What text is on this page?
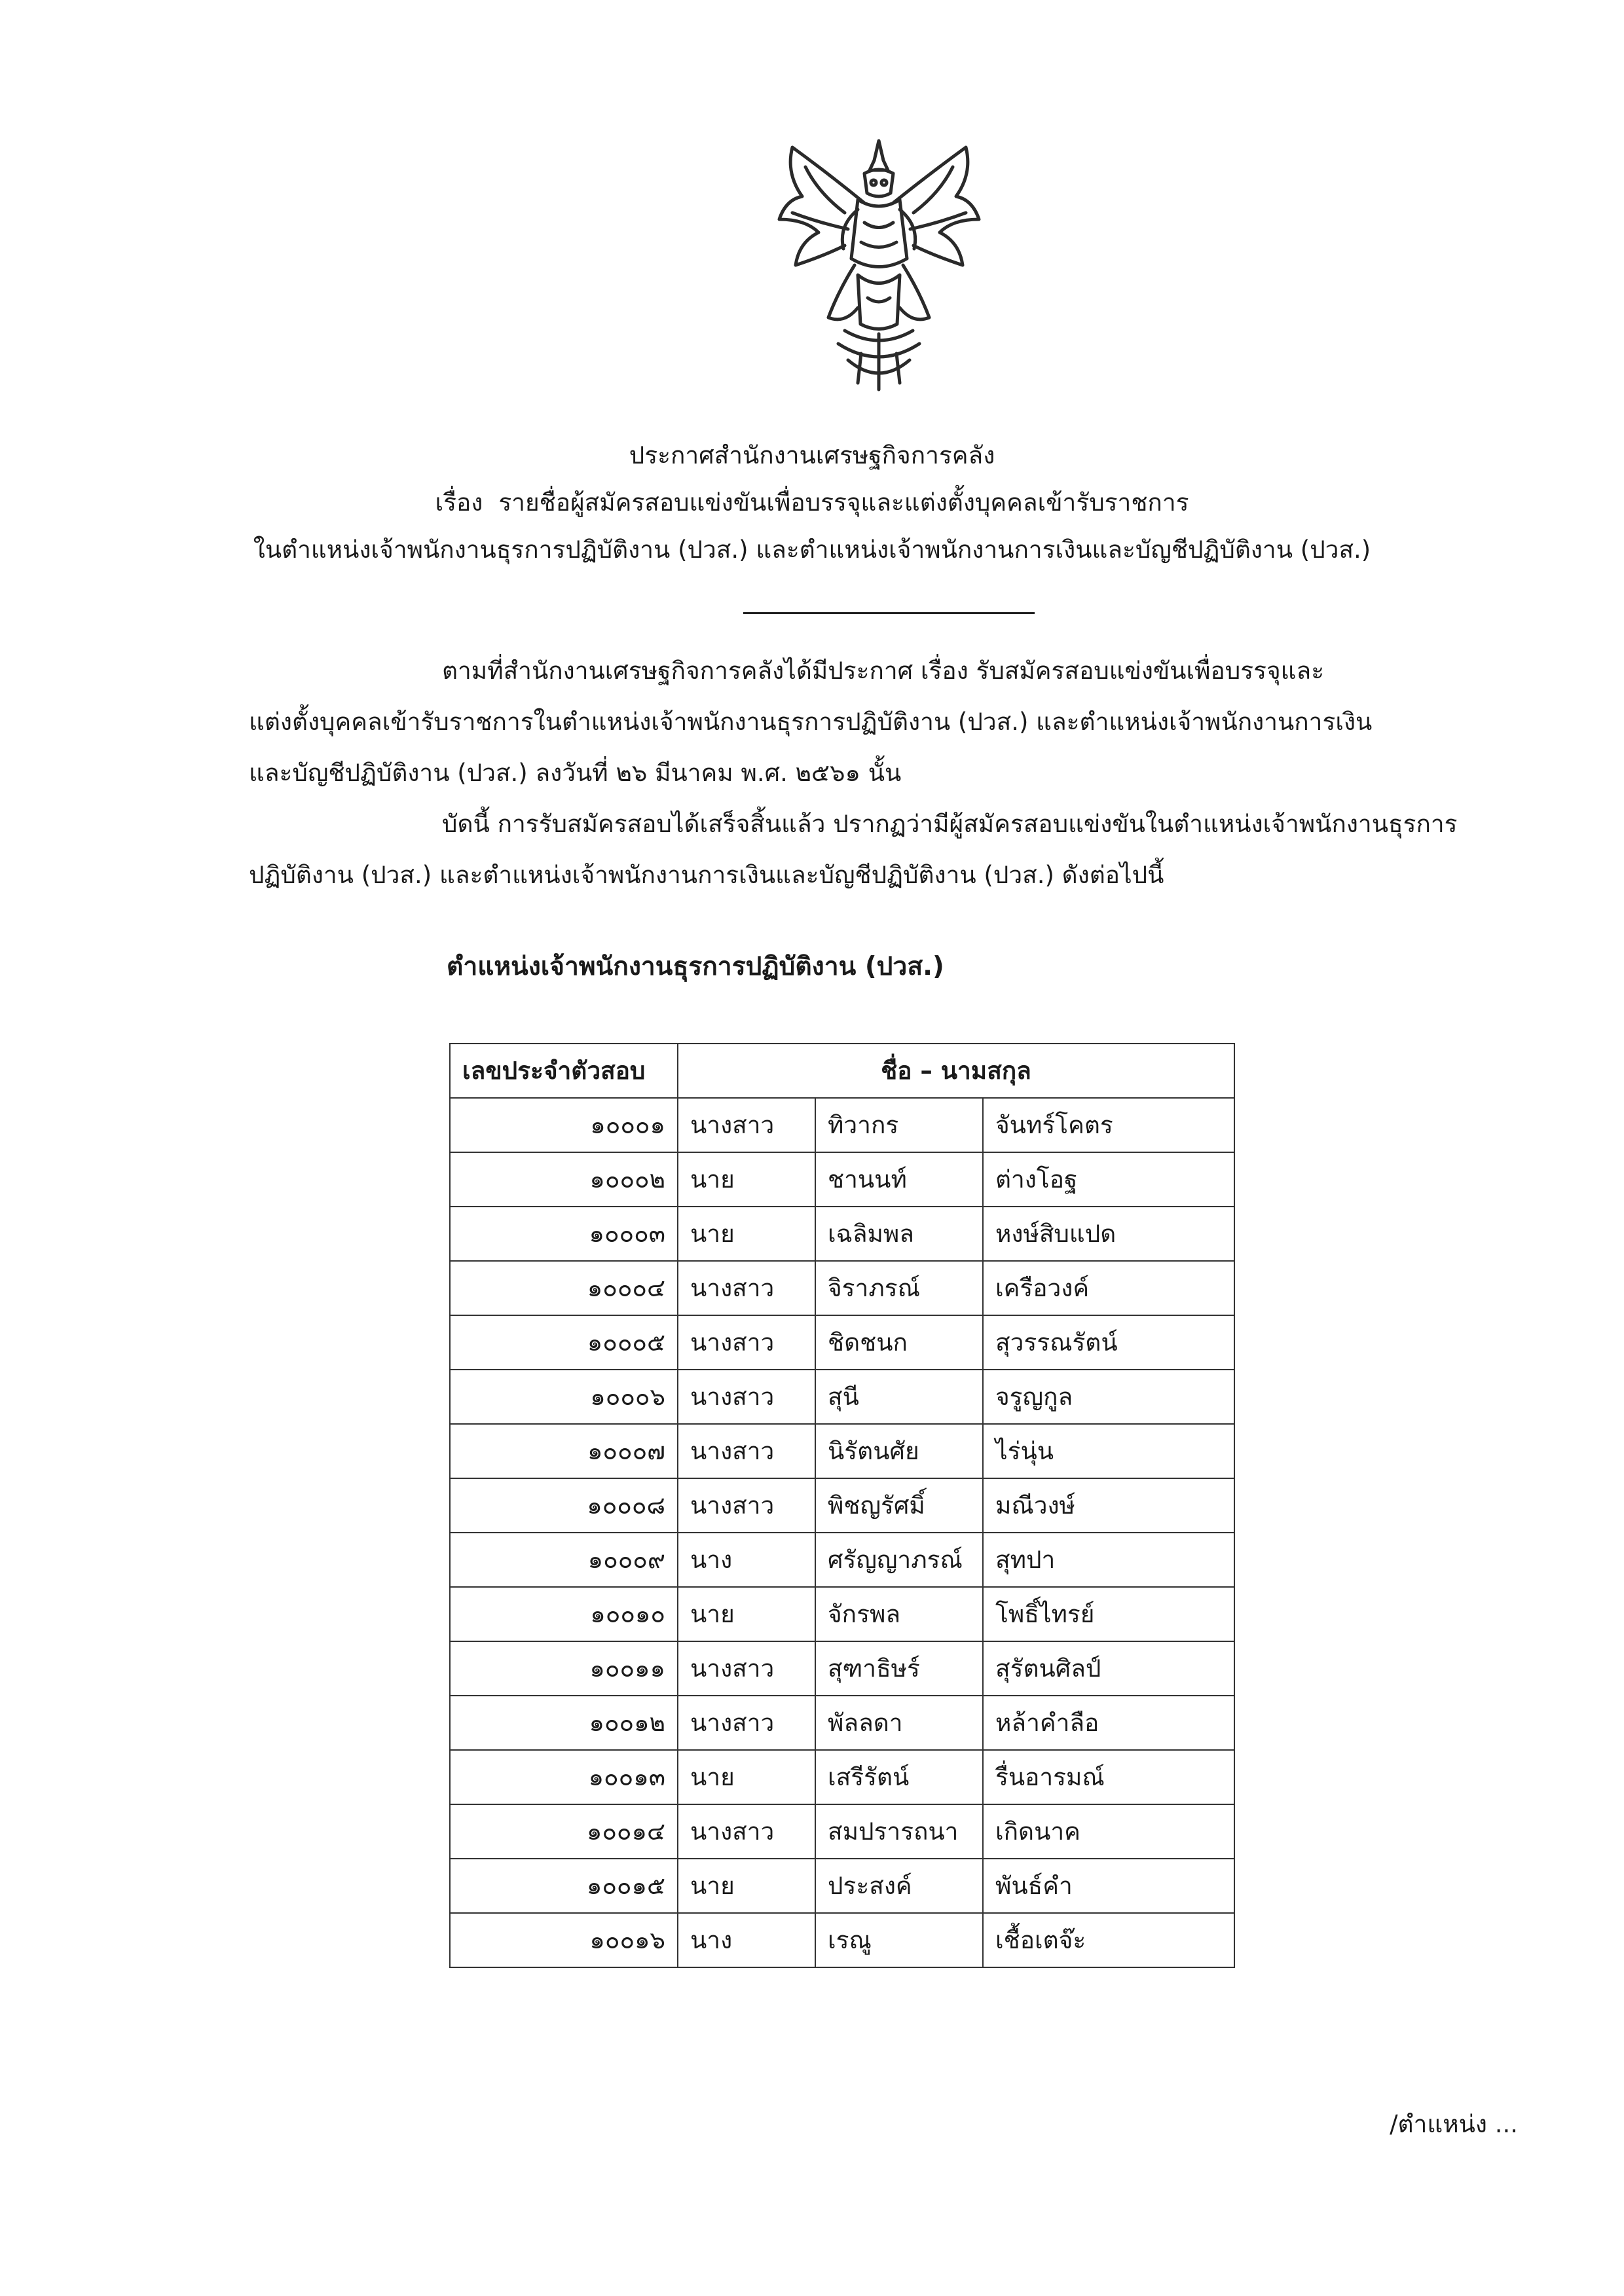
ประกาศสำนักงานเศรษฐกิจการคลัง
เรื่อง รายชื่อผู้สมัครสอบแข่งขันเพื่อบรรจุและแต่งตั้งบุคคลเข้ารับราชการ
ในตำแหน่งเจ้าพนักงานธุรการปฏิบัติงาน (ปวส.) และตำแหน่งเจ้าพนักงานการเงินและบัญชีปฏิบัติงาน (ปวส.)
ตามที่สำนักงานเศรษฐกิจการคลังได้มีประกาศ เรื่อง รับสมัครสอบแข่งขันเพื่อบรรจุและ
แต่งตั้งบุคคลเข้ารับราชการในตำแหน่งเจ้าพนักงานธุรการปฏิบัติงาน (ปวส.) และตำแหน่งเจ้าพนักงานการเงิน
และบัญชีปฏิบัติงาน (ปวส.) ลงวันที่ ๒๖ มีนาคม พ.ศ. ๒๕๖๑ นั้น
บัดนี้ การรับสมัครสอบได้เสร็จสิ้นแล้ว ปรากฏว่ามีผู้สมัครสอบแข่งขันในตำแหน่งเจ้าพนักงานธุรการ
ปฏิบัติงาน (ปวส.) และตำแหน่งเจ้าพนักงานการเงินและบัญชีปฏิบัติงาน (ปวส.) ดังต่อไปนี้
ตำแหน่งเจ้าพนักงานธุรการปฏิบัติงาน (ปวส.)
เลขประจำตัวสอบ	ชื่อ – นามสกุล		
๑๐๐๐๑	นางสาว	ทิวากร	จันทร์โคตร
๑๐๐๐๒	นาย	ชานนท์	ต่างโอฐ
๑๐๐๐๓	นาย	เฉลิมพล	หงษ์สิบแปด
๑๐๐๐๔	นางสาว	จิราภรณ์	เครือวงค์
๑๐๐๐๕	นางสาว	ชิดชนก	สุวรรณรัตน์
๑๐๐๐๖	นางสาว	สุนี	จรูญกูล
๑๐๐๐๗	นางสาว	นิรัตนศัย	ไร่นุ่น
๑๐๐๐๘	นางสาว	พิชญรัศมิ์	มณีวงษ์
๑๐๐๐๙	นาง	ศรัญญาภรณ์	สุทปา
๑๐๐๑๐	นาย	จักรพล	โพธิ์ไทรย์
๑๐๐๑๑	นางสาว	สุฑาธิษร์	สุรัตนศิลป์
๑๐๐๑๒	นางสาว	พัลลดา	หล้าคำลือ
๑๐๐๑๓	นาย	เสรีรัตน์	รื่นอารมณ์
๑๐๐๑๔	นางสาว	สมปรารถนา	เกิดนาค
๑๐๐๑๕	นาย	ประสงค์	พันธ์คำ
๑๐๐๑๖	นาง	เรณู	เชื้อเตจ๊ะ
/ตำแหน่ง ...
